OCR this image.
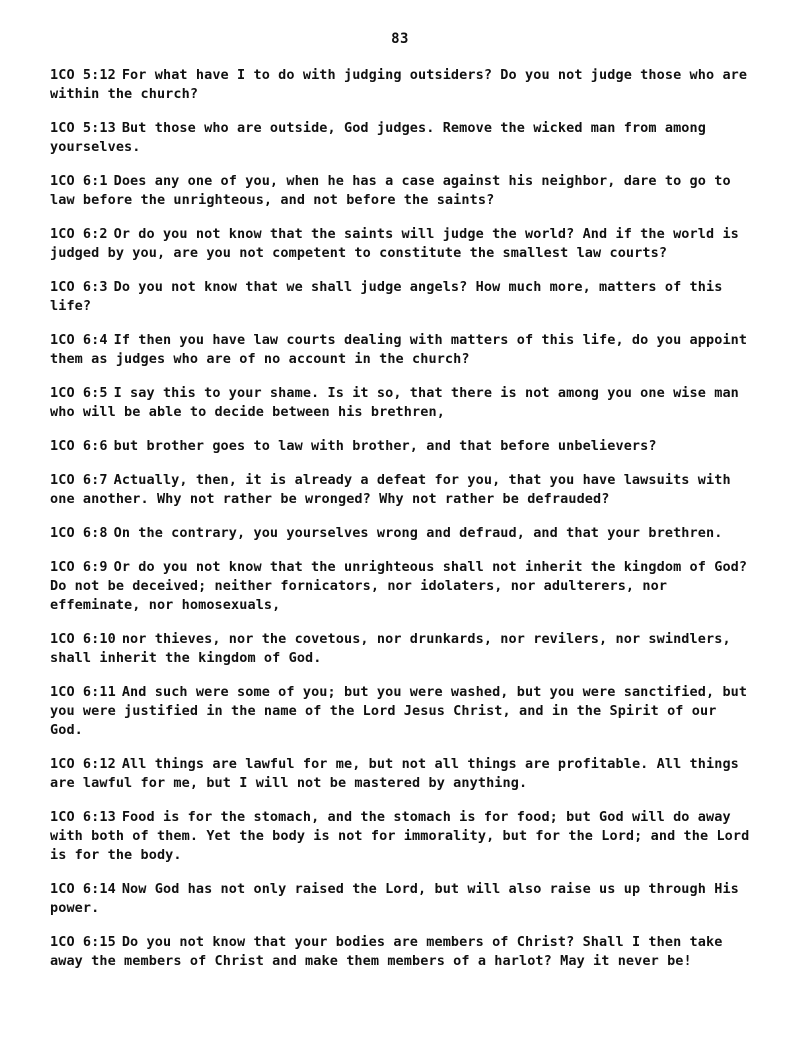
83

1CO 5:12 For what have I to do with judging outsiders? Do you not judge those who are within the church?

1CO 5:13 But those who are outside, God judges. Remove the wicked man from among yourselves.

1CO 6:1 Does any one of you, when he has a case against his neighbor, dare to go to law before the unrighteous, and not before the saints?

1CO 6:2 Or do you not know that the saints will judge the world? And if the world is judged by you, are you not competent to constitute the smallest law courts?

1CO 6:3 Do you not know that we shall judge angels? How much more, matters of this life?

1CO 6:4 If then you have law courts dealing with matters of this life, do you appoint them as judges who are of no account in the church?

1CO 6:5 I say this to your shame. Is it so, that there is not among you one wise man who will be able to decide between his brethren,

1CO 6:6 but brother goes to law with brother, and that before unbelievers?

1CO 6:7 Actually, then, it is already a defeat for you, that you have lawsuits with one another. Why not rather be wronged? Why not rather be defrauded?

1CO 6:8 On the contrary, you yourselves wrong and defraud, and that your brethren.

1CO 6:9 Or do you not know that the unrighteous shall not inherit the kingdom of God? Do not be deceived; neither fornicators, nor idolaters, nor adulterers, nor effeminate, nor homosexuals,

1CO 6:10 nor thieves, nor the covetous, nor drunkards, nor revilers, nor swindlers, shall inherit the kingdom of God.

1CO 6:11 And such were some of you; but you were washed, but you were sanctified, but you were justified in the name of the Lord Jesus Christ, and in the Spirit of our God.

1CO 6:12 All things are lawful for me, but not all things are profitable. All things are lawful for me, but I will not be mastered by anything.

1CO 6:13 Food is for the stomach, and the stomach is for food; but God will do away with both of them. Yet the body is not for immorality, but for the Lord; and the Lord is for the body.

1CO 6:14 Now God has not only raised the Lord, but will also raise us up through His power.

1CO 6:15 Do you not know that your bodies are members of Christ? Shall I then take away the members of Christ and make them members of a harlot? May it never be!
